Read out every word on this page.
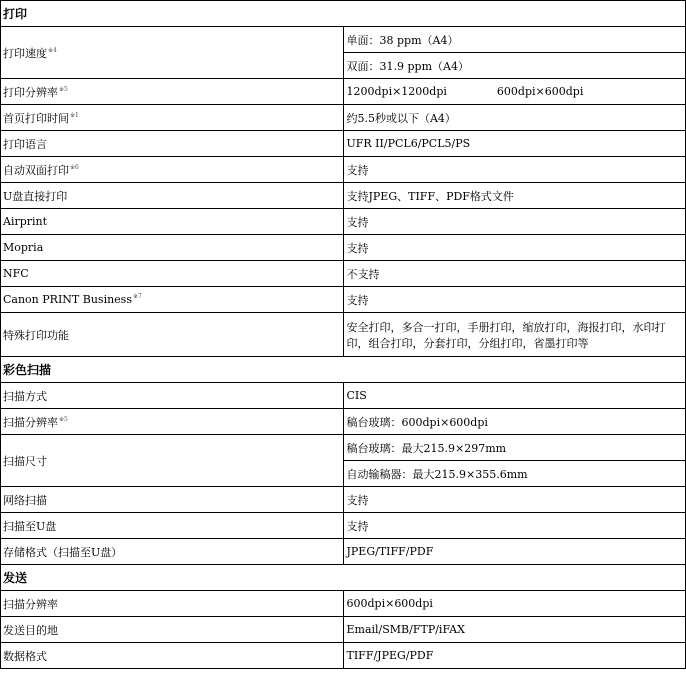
打印	
打印速度$^{※4}$	单面：38 ppm（A4）
	双面：31.9 ppm（A4）
打印分辨率$^{※5}$	1200dpi×1200dpi 600dpi×600dpi
首页打印时间$^{※1}$	约5.5秒或以下（A4）
打印语言	UFR II/PCL6/PCL5/PS
自动双面打印$^{※6}$	支持
U盘直接打印	支持JPEG、TIFF、PDF格式文件
Airprint	支持
Mopria	支持
NFC	不支持
Canon PRINT Business$^{※7}$	支持
特殊打印功能	安全打印，多合一打印，手册打印，缩放打印，海报打印，水印打印，组合打印，分套打印，分组打印，省墨打印等
彩色扫描	
扫描方式	CIS
扫描分辨率$^{※5}$	稿台玻璃：600dpi×600dpi
扫描尺寸	稿台玻璃：最大215.9×297mm
	自动输稿器：最大215.9×355.6mm
网络扫描	支持
扫描至U盘	支持
存储格式（扫描至U盘）	JPEG/TIFF/PDF
发送	
扫描分辨率	600dpi×600dpi
发送目的地	Email/SMB/FTP/iFAX
数据格式	TIFF/JPEG/PDF
